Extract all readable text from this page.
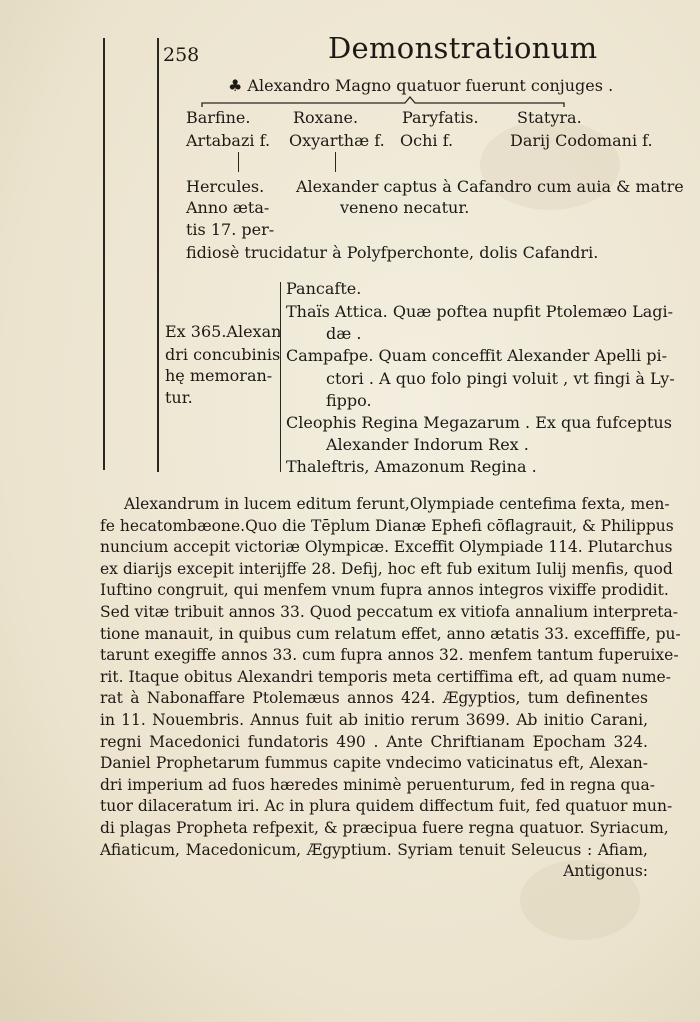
258	Demonstrationum
♣ Alexandro Magno quatuor fuerunt conjuges .
Barfine.	Roxane.	Paryfatis. Statyra.
Artabazi f. Oxyarthæ f. Ochi f.	Darij Codomani f.
Hercules.
Anno æta-
tis 17. per-
fidiosè trucidatur à Polyfperchonte, dolis Cafandri.
Alexander captus à Cafandro cum auia & matre
veneno necatur.
Ex 365.Alexan
dri concubinis
hę memoran-
tur.
Pancafte.
Thaïs Attica. Quæ poftea nupfit Ptolemæo Lagi-
dæ .
Campafpe. Quam conceffit Alexander Apelli pi-
ctori . A quo folo pingi voluit , vt fingi à Ly-
fippo.
Cleophis Regina Megazarum . Ex qua fufceptus
Alexander Indorum Rex .
Thaleftris, Amazonum Regina .
Alexandrum in lucem editum ferunt,Olympiade centefima fexta, men-
fe hecatombæone.Quo die Tēplum Dianæ Ephefi cōflagrauit, & Philippus
nuncium accepit victoriæ Olympicæ. Exceffit Olympiade 114. Plutarchus
ex diarijs excepit interijffe 28. Defij, hoc eft fub exitum Iulij menfis, quod
Iuftino congruit, qui menfem vnum fupra annos integros vixiffe prodidit.
Sed vitæ tribuit annos 33. Quod peccatum ex vitiofa annalium interpreta-
tione manauit, in quibus cum relatum effet, anno ætatis 33. exceffiffe, pu-
tarunt exegiffe annos 33. cum fupra annos 32. menfem tantum fuperuixe-
rit. Itaque obitus Alexandri temporis meta certiffima eft, ad quam nume-
rat à Nabonaffare Ptolemæus annos 424. Ægyptios, tum definentes
in 11. Nouembris. Annus fuit ab initio rerum 3699. Ab initio Carani,
regni Macedonici fundatoris 490 . Ante Chriftianam Epocham 324.
Daniel Prophetarum fummus capite vndecimo vaticinatus eft, Alexan-
dri imperium ad fuos hæredes minimè peruenturum, fed in regna qua-
tuor dilaceratum iri. Ac in plura quidem diffectum fuit, fed quatuor mun-
di plagas Propheta refpexit, & præcipua fuere regna quatuor. Syriacum,
Afiaticum, Macedonicum, Ægyptium. Syriam tenuit Seleucus : Afiam,
Antigonus:
